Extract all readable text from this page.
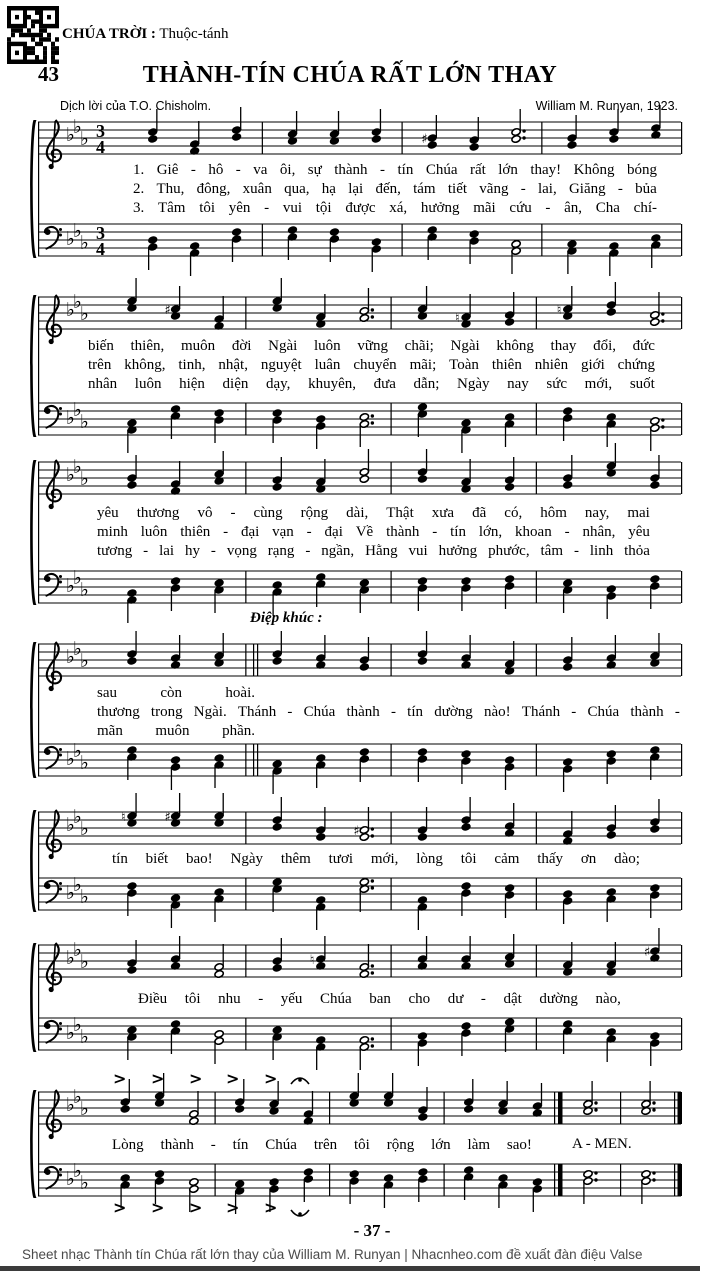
CHÚA TRỜI : Thuộc-tánh
43	THÀNH-TÍN CHÚA RẤT LỚN THAY
Dịch lời của T.O. Chisholm.	William M. Runyan, 1923.
♭
♭
♭
♭
♭
♭
3
4
3
4
♯
♭
♭
♭
♭
♭
♭
♯
♮
♮
♭
♭
♭
♭
♭
♭
♭
♭
♭
♭
♭
♭
♭
♭
♭
♭
♭
♭
♮	♯
♯
♭
♭
♭
♭
♭
♭
♮
♯
♭
♭
♭
♭
♭
♭
>
>
>
>
>
>
>
>
>
>
1. Giê - hô - va ôi, sự thành - tín Chúa rất lớn thay! Không bóng
2. Thu, đông, xuân qua, hạ lại đến, tám tiết vãng - lai, Giăng - bủa
3. Tâm tôi yên - vui tội được xá, hưởng mãi cứu - ân, Cha chí-
biến thiên, muôn đời Ngài luôn vững chãi; Ngài không thay đổi, đức
trên không, tinh, nhật, nguyệt luân chuyển mãi; Toàn thiên nhiên giới chứng
nhân luôn hiện diện dạy, khuyên, đưa dẫn; Ngày nay sức mới, suốt
yêu thương vô - cùng rộng dài, Thật xưa đã có, hôm nay, mai
minh luôn thiên - đại vạn - đại Về thành - tín lớn, khoan - nhân, yêu
tương - lai hy - vọng rạng - ngần, Hằng vui hưởng phước, tâm - linh thỏa
sau	còn	hoài.
thương trong Ngài. Thánh - Chúa thành - tín dường nào! Thánh - Chúa thành -
mãn muôn phần.
tín biết bao! Ngày thêm tươi mới, lòng tôi cảm thấy ơn dào;
Điều tôi nhu - yếu Chúa ban cho dư - dật dường nào,
Lòng thành - tín Chúa trên tôi rộng lớn làm sao!
Điệp khúc :
A - MEN.
- 37 -
Sheet nhạc Thành tín Chúa rất lớn thay của William M. Runyan | Nhacnheo.com đề xuất đàn điệu Valse
